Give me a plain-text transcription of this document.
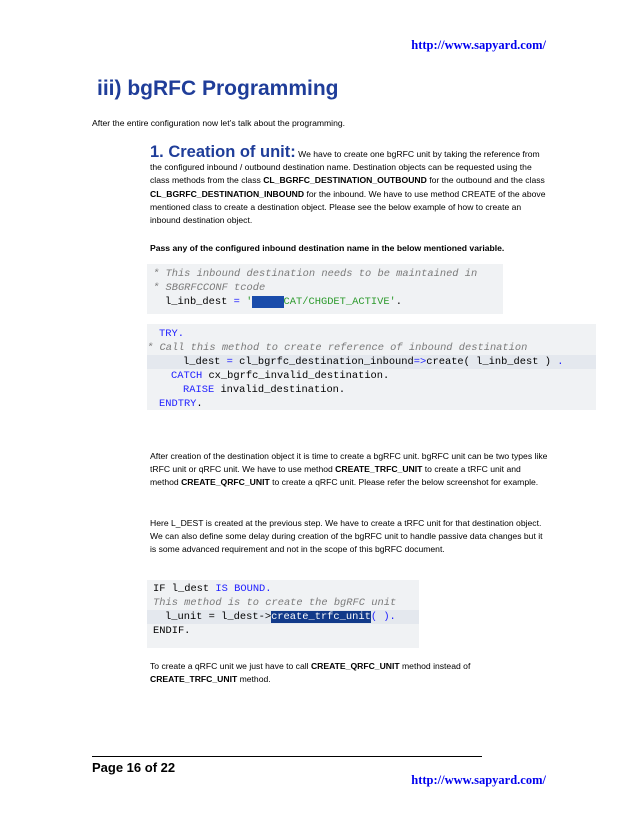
http://www.sapyard.com/
iii) bgRFC Programming
After the entire configuration now let’s talk about the programming.
1. Creation of unit: We have to create one bgRFC unit by taking the reference from the configured inbound / outbound destination name. Destination objects can be requested using the class methods from the class CL_BGRFC_DESTINATION_OUTBOUND for the outbound and the class CL_BGRFC_DESTINATION_INBOUND for the inbound. We have to use method CREATE of the above mentioned class to create a destination object. Please see the below example of how to create an inbound destination object.
Pass any of the configured inbound destination name in the below mentioned variable.

* This inbound destination needs to be maintained in

* SBGRFCCONF tcode

l_inb_dest = 'XXXXXCAT/CHGDET_ACTIVE'.

TRY.

* Call this method to create reference of inbound destination

l_dest = cl_bgrfc_destination_inbound=>create( l_inb_dest ) .

CATCH cx_bgrfc_invalid_destination.

RAISE invalid_destination.

ENDTRY.

After creation of the destination object it is time to create a bgRFC unit. bgRFC unit can be two types like tRFC unit or qRFC unit. We have to use method CREATE_TRFC_UNIT to create a tRFC unit and method CREATE_QRFC_UNIT to create a qRFC unit. Please refer the below screenshot for example.
Here L_DEST is created at the previous step. We have to create a tRFC unit for that destination object. We can also define some delay during creation of the bgRFC unit to handle passive data changes but it is some advanced requirement and not in the scope of this bgRFC document.

IF l_dest IS BOUND.

This method is to create the bgRFC unit

l_unit = l_dest->create_trfc_unit( ).

ENDIF.

To create a qRFC unit we just have to call CREATE_QRFC_UNIT method instead of CREATE_TRFC_UNIT method.
Page 16 of 22
http://www.sapyard.com/
